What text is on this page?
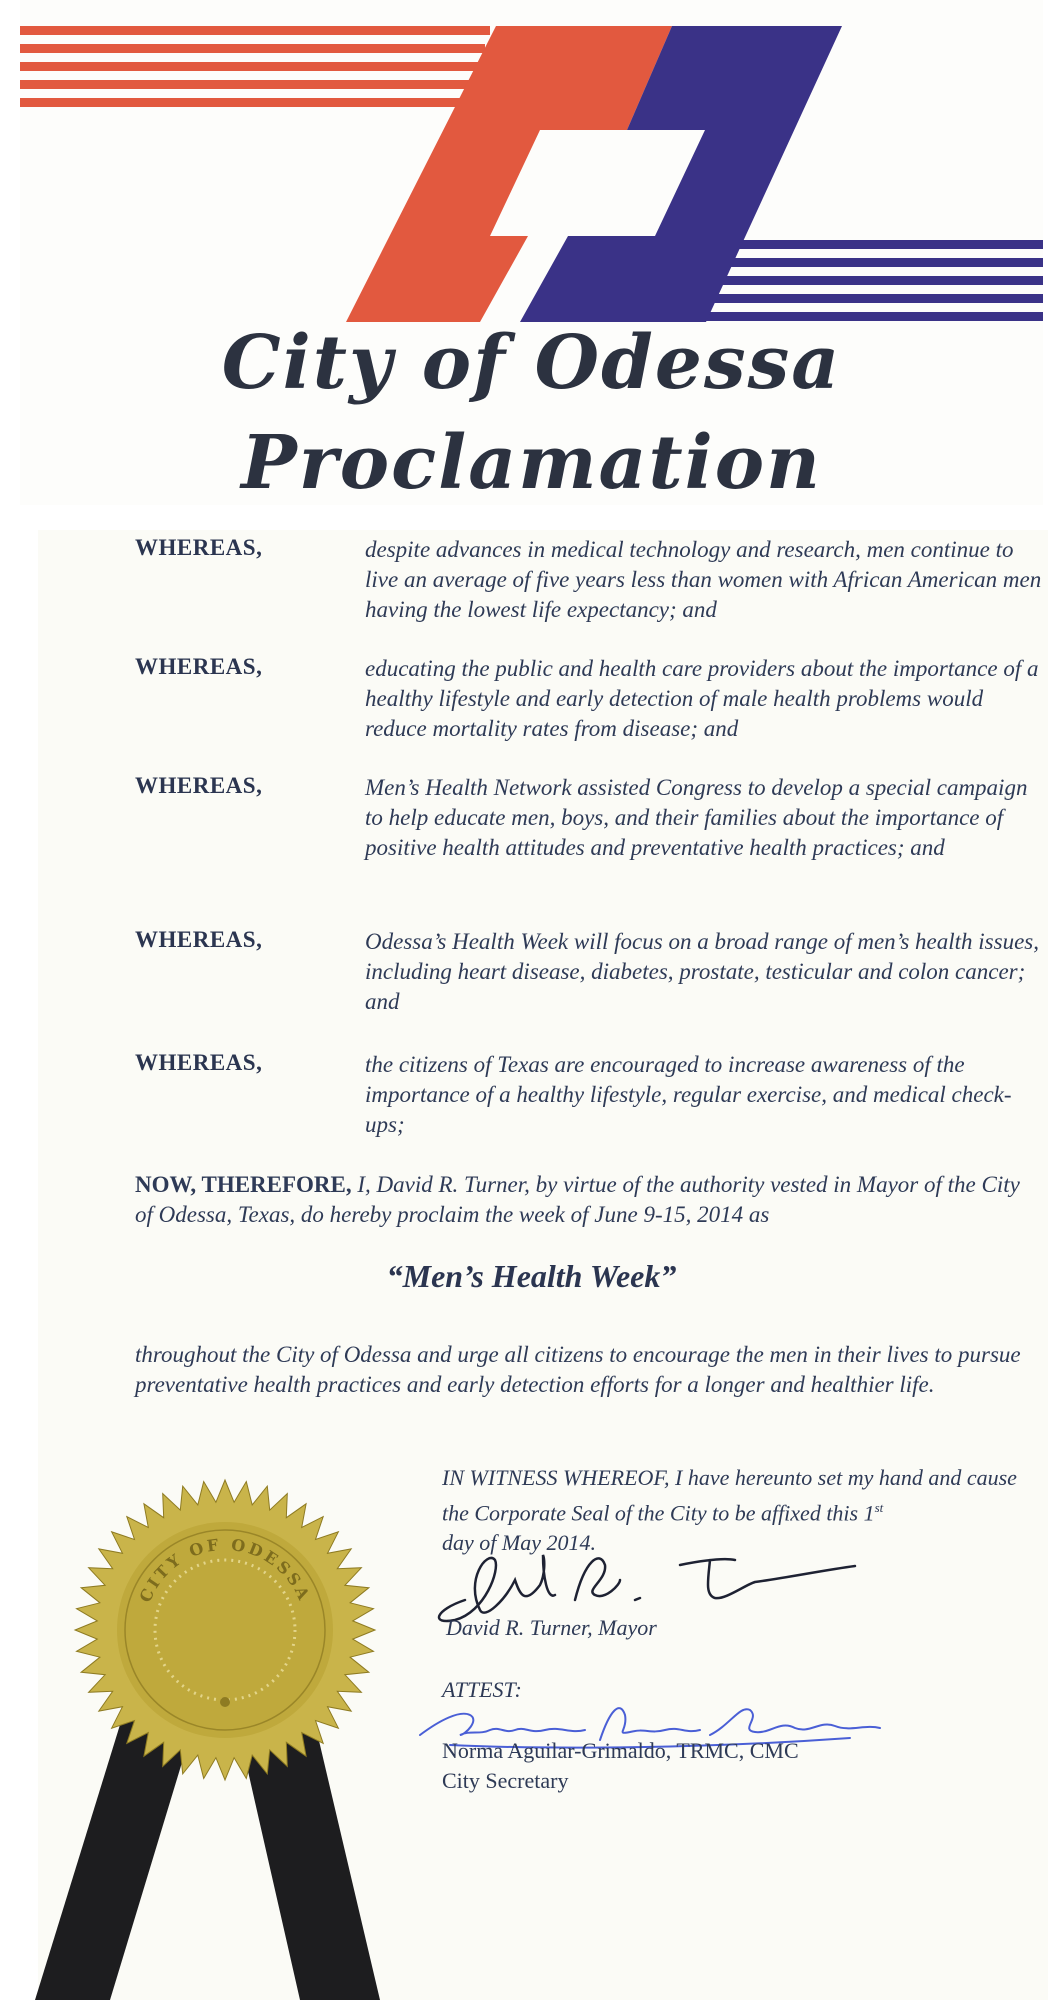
City of Odessa
Proclamation
WHEREAS,	despite advances in medical technology and research, men continue to live an average of five years less than women with African American men having the lowest life expectancy; and
WHEREAS,	educating the public and health care providers about the importance of a healthy lifestyle and early detection of male health problems would reduce mortality rates from disease; and
WHEREAS,	Men’s Health Network assisted Congress to develop a special campaign to help educate men, boys, and their families about the importance of positive health attitudes and preventative health practices; and
WHEREAS,	Odessa’s Health Week will focus on a broad range of men’s health issues, including heart disease, diabetes, prostate, testicular and colon cancer; and
WHEREAS,	the citizens of Texas are encouraged to increase awareness of the importance of a healthy lifestyle, regular exercise, and medical check-ups;
NOW, THEREFORE, I, David R. Turner, by virtue of the authority vested in Mayor of the City of Odessa, Texas, do hereby proclaim the week of June 9-15, 2014 as
“Men’s Health Week”
throughout the City of Odessa and urge all citizens to encourage the men in their lives to pursue preventative health practices and early detection efforts for a longer and healthier life.
IN WITNESS WHEREOF, I have hereunto set my hand and cause the Corporate Seal of the City to be affixed this 1st
day of May 2014.
David R. Turner, Mayor
ATTEST:
Norma Aguilar-Grimaldo, TRMC, CMC
City Secretary
CITY OF ODESSA
